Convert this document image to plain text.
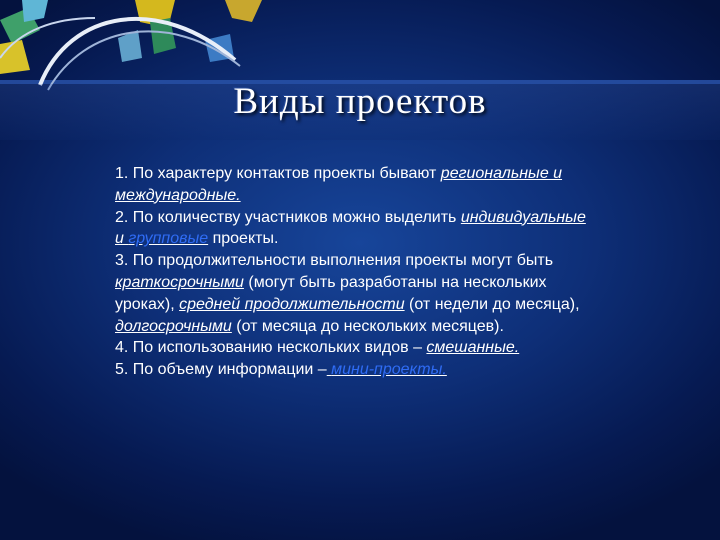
Виды проектов
1. По характеру контактов проекты бывают региональные и
международные.
2. По количеству участников можно выделить индивидуальные
и групповые проекты.
3. По продолжительности выполнения проекты могут быть
краткосрочными (могут быть разработаны на нескольких
уроках), средней продолжительности (от недели до месяца),
долгосрочными (от месяца до нескольких месяцев).
4. По использованию нескольких видов – смешанные.
5. По объему информации – мини-проекты.
